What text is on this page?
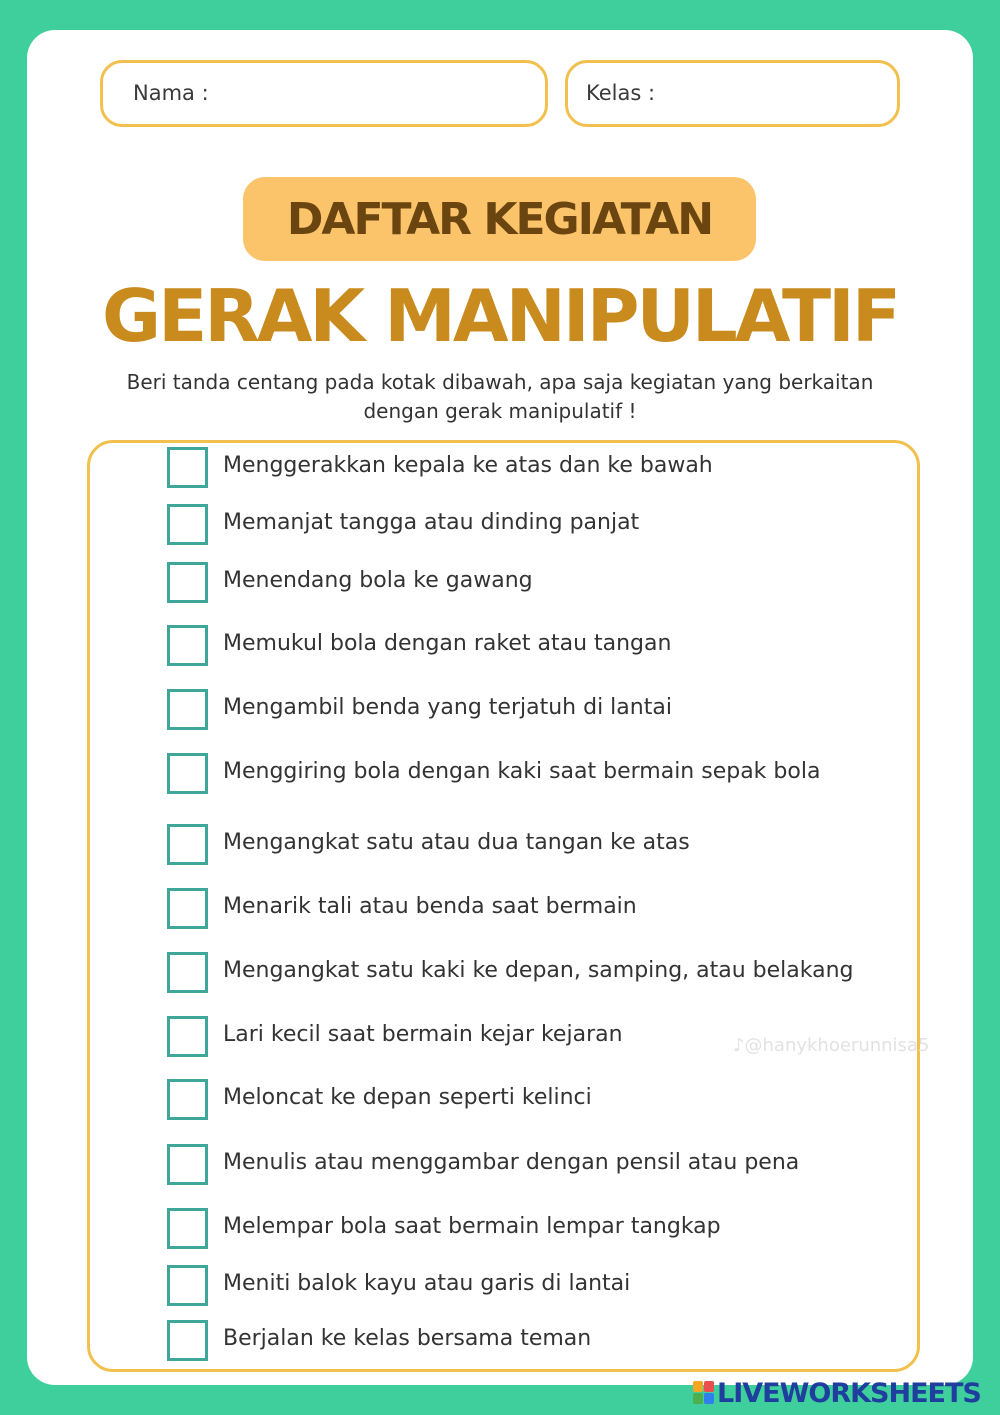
Nama :	Kelas :
DAFTAR KEGIATAN
GERAK MANIPULATIF
Beri tanda centang pada kotak dibawah, apa saja kegiatan yang berkaitan dengan gerak manipulatif !
Menggerakkan kepala ke atas dan ke bawah
Memanjat tangga atau dinding panjat
Menendang bola ke gawang
Memukul bola dengan raket atau tangan
Mengambil benda yang terjatuh di lantai
Menggiring bola dengan kaki saat bermain sepak bola
Mengangkat satu atau dua tangan ke atas
Menarik tali atau benda saat bermain
Mengangkat satu kaki ke depan, samping, atau belakang
Lari kecil saat bermain kejar kejaran
Meloncat ke depan seperti kelinci
Menulis atau menggambar dengan pensil atau pena
Melempar bola saat bermain lempar tangkap
Meniti balok kayu atau garis di lantai
Berjalan ke kelas bersama teman
♪@hanykhoerunnisa5
LIVEWORKSHEETS
